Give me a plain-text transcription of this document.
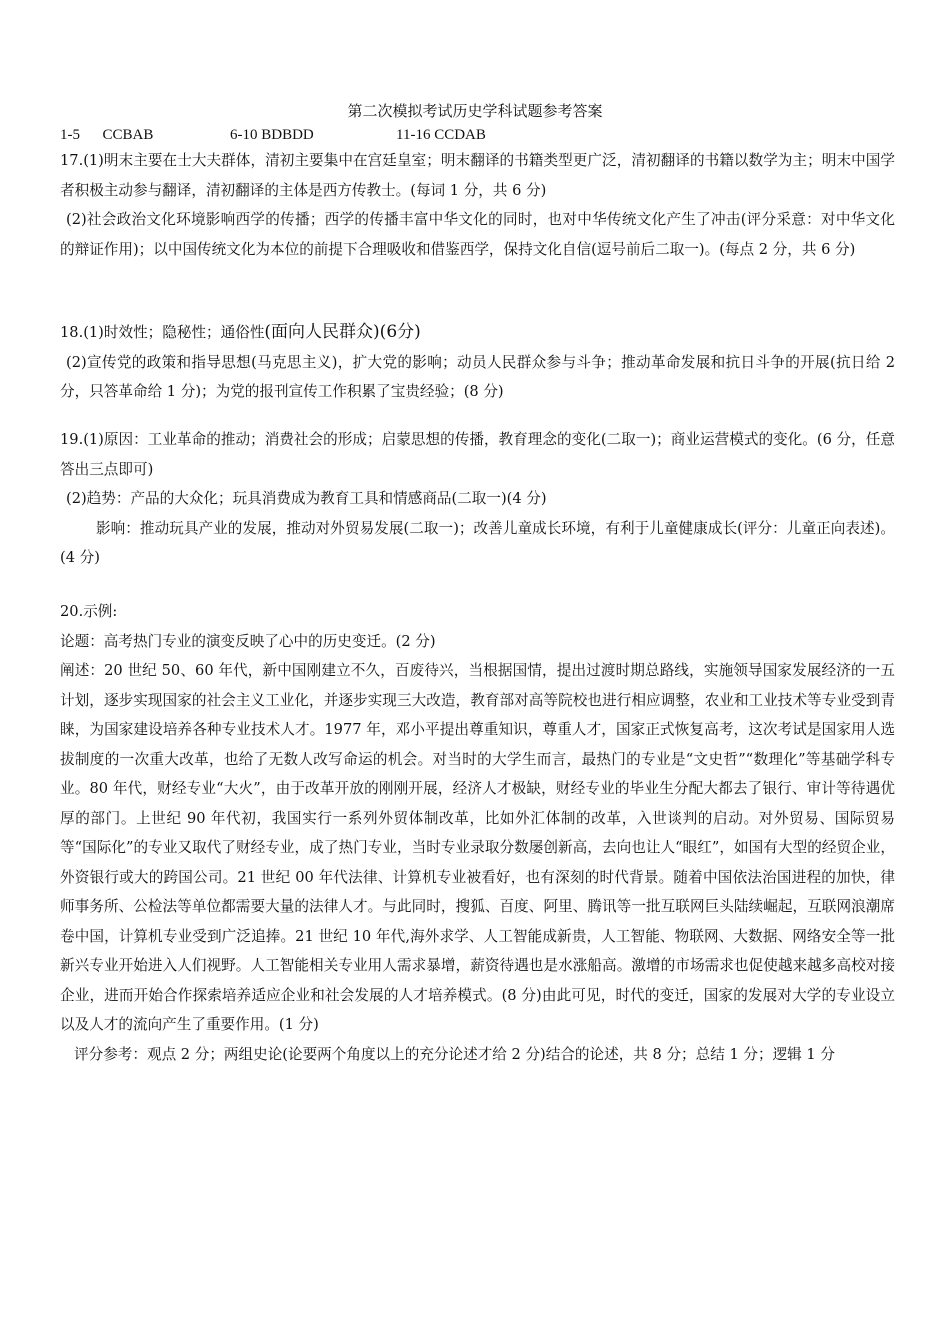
第二次模拟考试历史学科试题参考答案
1-5      CCBAB	6-10 BDBDD	11-16 CCDAB

17.(1)明末主要在士大夫群体，清初主要集中在宫廷皇室；明末翻译的书籍类型更广泛，清初翻译的书籍以数学为主；明末中国学者积极主动参与翻译，清初翻译的主体是西方传教士。(每词 1 分，共 6 分)

(2)社会政治文化环境影响西学的传播；西学的传播丰富中华文化的同时，也对中华传统文化产生了冲击(评分采意：对中华文化的辩证作用)；以中国传统文化为本位的前提下合理吸收和借鉴西学，保持文化自信(逗号前后二取一)。(每点 2 分，共 6 分)

18.(1)时效性；隐秘性；通俗性(面向人民群众)(6分)

(2)宣传党的政策和指导思想(马克思主义)，扩大党的影响；动员人民群众参与斗争；推动革命发展和抗日斗争的开展(抗日给 2 分，只答革命给 1 分)；为党的报刊宣传工作积累了宝贵经验；(8 分)

19.(1)原因：工业革命的推动；消费社会的形成；启蒙思想的传播，教育理念的变化(二取一)；商业运营模式的变化。(6 分，任意答出三点即可)

(2)趋势：产品的大众化；玩具消费成为教育工具和情感商品(二取一)(4 分)

影响：推动玩具产业的发展，推动对外贸易发展(二取一)；改善儿童成长环境，有利于儿童健康成长(评分：儿童正向表述)。(4 分)

20.示例:

论题：高考热门专业的演变反映了心中的历史变迁。(2 分)

阐述：20 世纪 50、60 年代，新中国刚建立不久，百废待兴，当根据国情，提出过渡时期总路线，实施领导国家发展经济的一五计划，逐步实现国家的社会主义工业化，并逐步实现三大改造，教育部对高等院校也进行相应调整，农业和工业技术等专业受到青睐，为国家建设培养各种专业技术人才。1977 年，邓小平提出尊重知识，尊重人才，国家正式恢复高考，这次考试是国家用人选拔制度的一次重大改革，也给了无数人改写命运的机会。对当时的大学生而言，最热门的专业是“文史哲”“数理化”等基础学科专业。80 年代，财经专业“大火”，由于改革开放的刚刚开展，经济人才极缺，财经专业的毕业生分配大都去了银行、审计等待遇优厚的部门。上世纪 90 年代初，我国实行一系列外贸体制改革，比如外汇体制的改革，入世谈判的启动。对外贸易、国际贸易等“国际化”的专业又取代了财经专业，成了热门专业，当时专业录取分数屡创新高，去向也让人“眼红”，如国有大型的经贸企业，外资银行或大的跨国公司。21 世纪 00 年代法律、计算机专业被看好，也有深刻的时代背景。随着中国依法治国进程的加快，律师事务所、公检法等单位都需要大量的法律人才。与此同时，搜狐、百度、阿里、腾讯等一批互联网巨头陆续崛起，互联网浪潮席卷中国，计算机专业受到广泛追捧。21 世纪 10 年代,海外求学、人工智能成新贵，人工智能、物联网、大数据、网络安全等一批新兴专业开始进入人们视野。人工智能相关专业用人需求暴增，薪资待遇也是水涨船高。激增的市场需求也促使越来越多高校对接企业，进而开始合作探索培养适应企业和社会发展的人才培养模式。(8 分)由此可见，时代的变迁，国家的发展对大学的专业设立以及人才的流向产生了重要作用。(1 分)

评分参考：观点 2 分；两组史论(论要两个角度以上的充分论述才给 2 分)结合的论述，共 8 分；总结 1 分；逻辑 1 分
